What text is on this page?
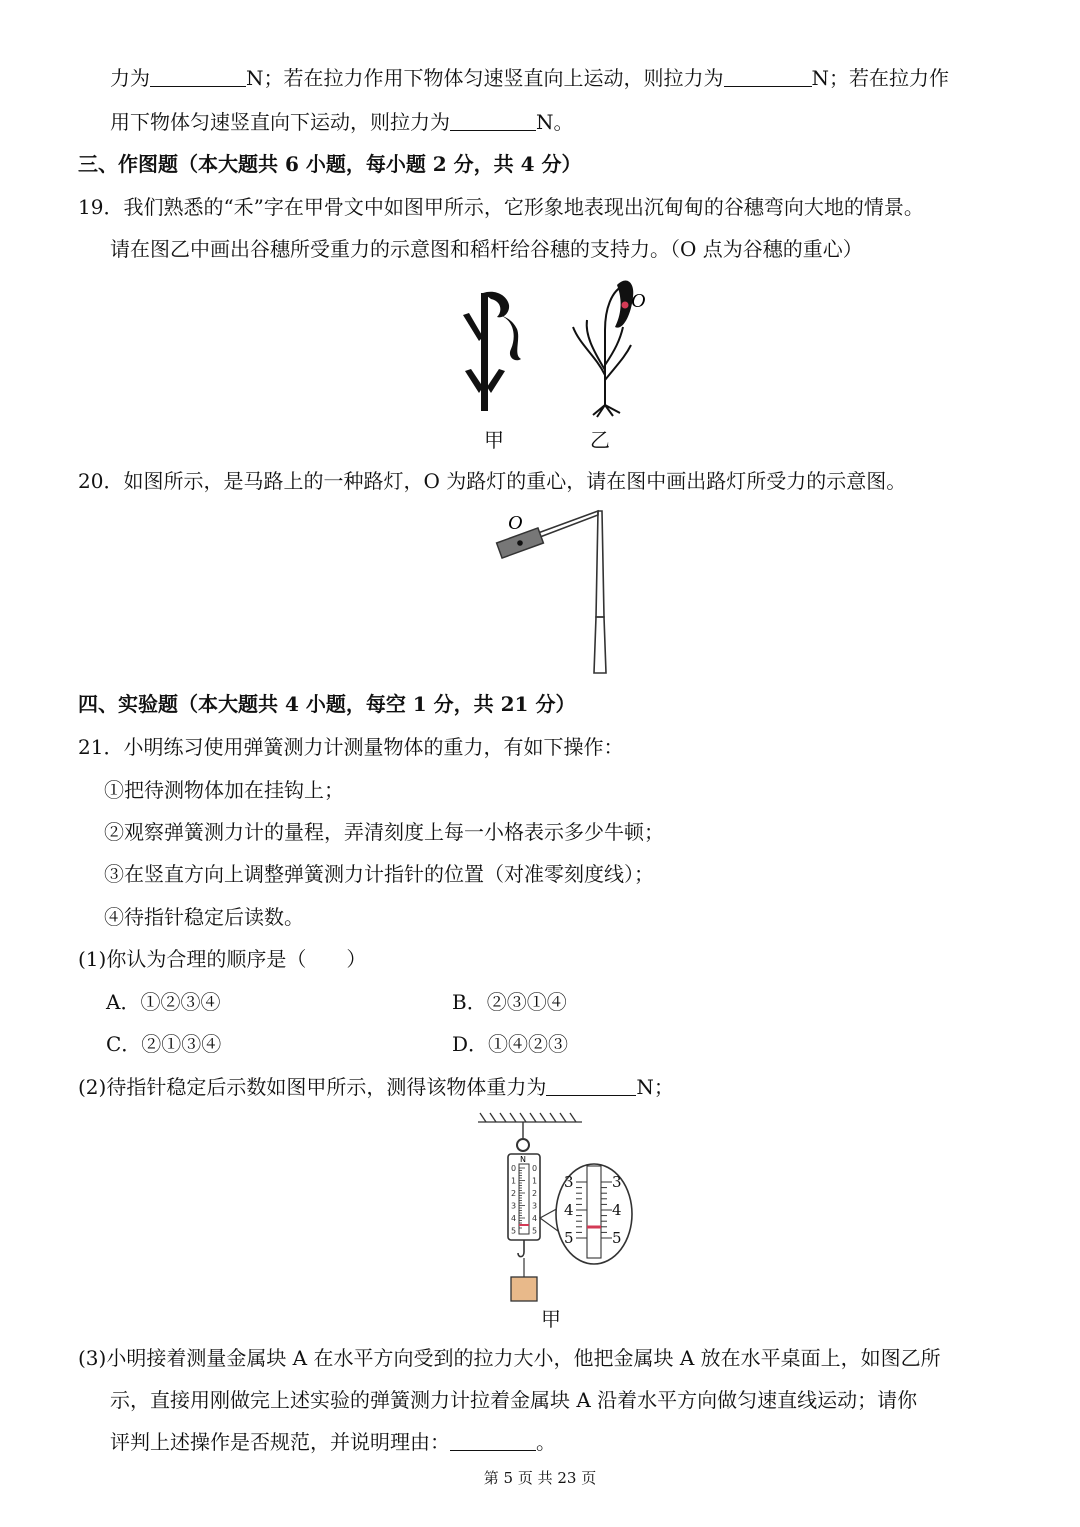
力为	N；若在拉力作用下物体匀速竖直向上运动，则拉力为	N；若在拉力作
用下物体匀速竖直向下运动，则拉力为	N。
三、作图题（本大题共 6 小题，每小题 2 分，共 4 分）
19．我们熟悉的“禾”字在甲骨文中如图甲所示，它形象地表现出沉甸甸的谷穗弯向大地的情景。
请在图乙中画出谷穗所受重力的示意图和稻杆给谷穗的支持力。（O 点为谷穗的重心）
O
甲	乙
20．如图所示，是马路上的一种路灯，O 为路灯的重心，请在图中画出路灯所受力的示意图。
O
四、实验题（本大题共 4 小题，每空 1 分，共 21 分）
21．小明练习使用弹簧测力计测量物体的重力，有如下操作：
①把待测物体加在挂钩上；
②观察弹簧测力计的量程，弄清刻度上每一小格表示多少牛顿；
③在竖直方向上调整弹簧测力计指针的位置（对准零刻度线）；
④待指针稳定后读数。
(1)你认为合理的顺序是（　　）
A．①②③④	B．②③①④
C．②①③④	D．①④②③
(2)待指针稳定后示数如图甲所示，测得该物体重力为	N；
N
0 0
1 1
2 2
3 3
4 4
5 5
3	3
4	4
5	5
甲
(3)小明接着测量金属块 A 在水平方向受到的拉力大小，他把金属块 A 放在水平桌面上，如图乙所
示，直接用刚做完上述实验的弹簧测力计拉着金属块 A 沿着水平方向做匀速直线运动；请你
评判上述操作是否规范，并说明理由：	。
第 5 页 共 23 页
